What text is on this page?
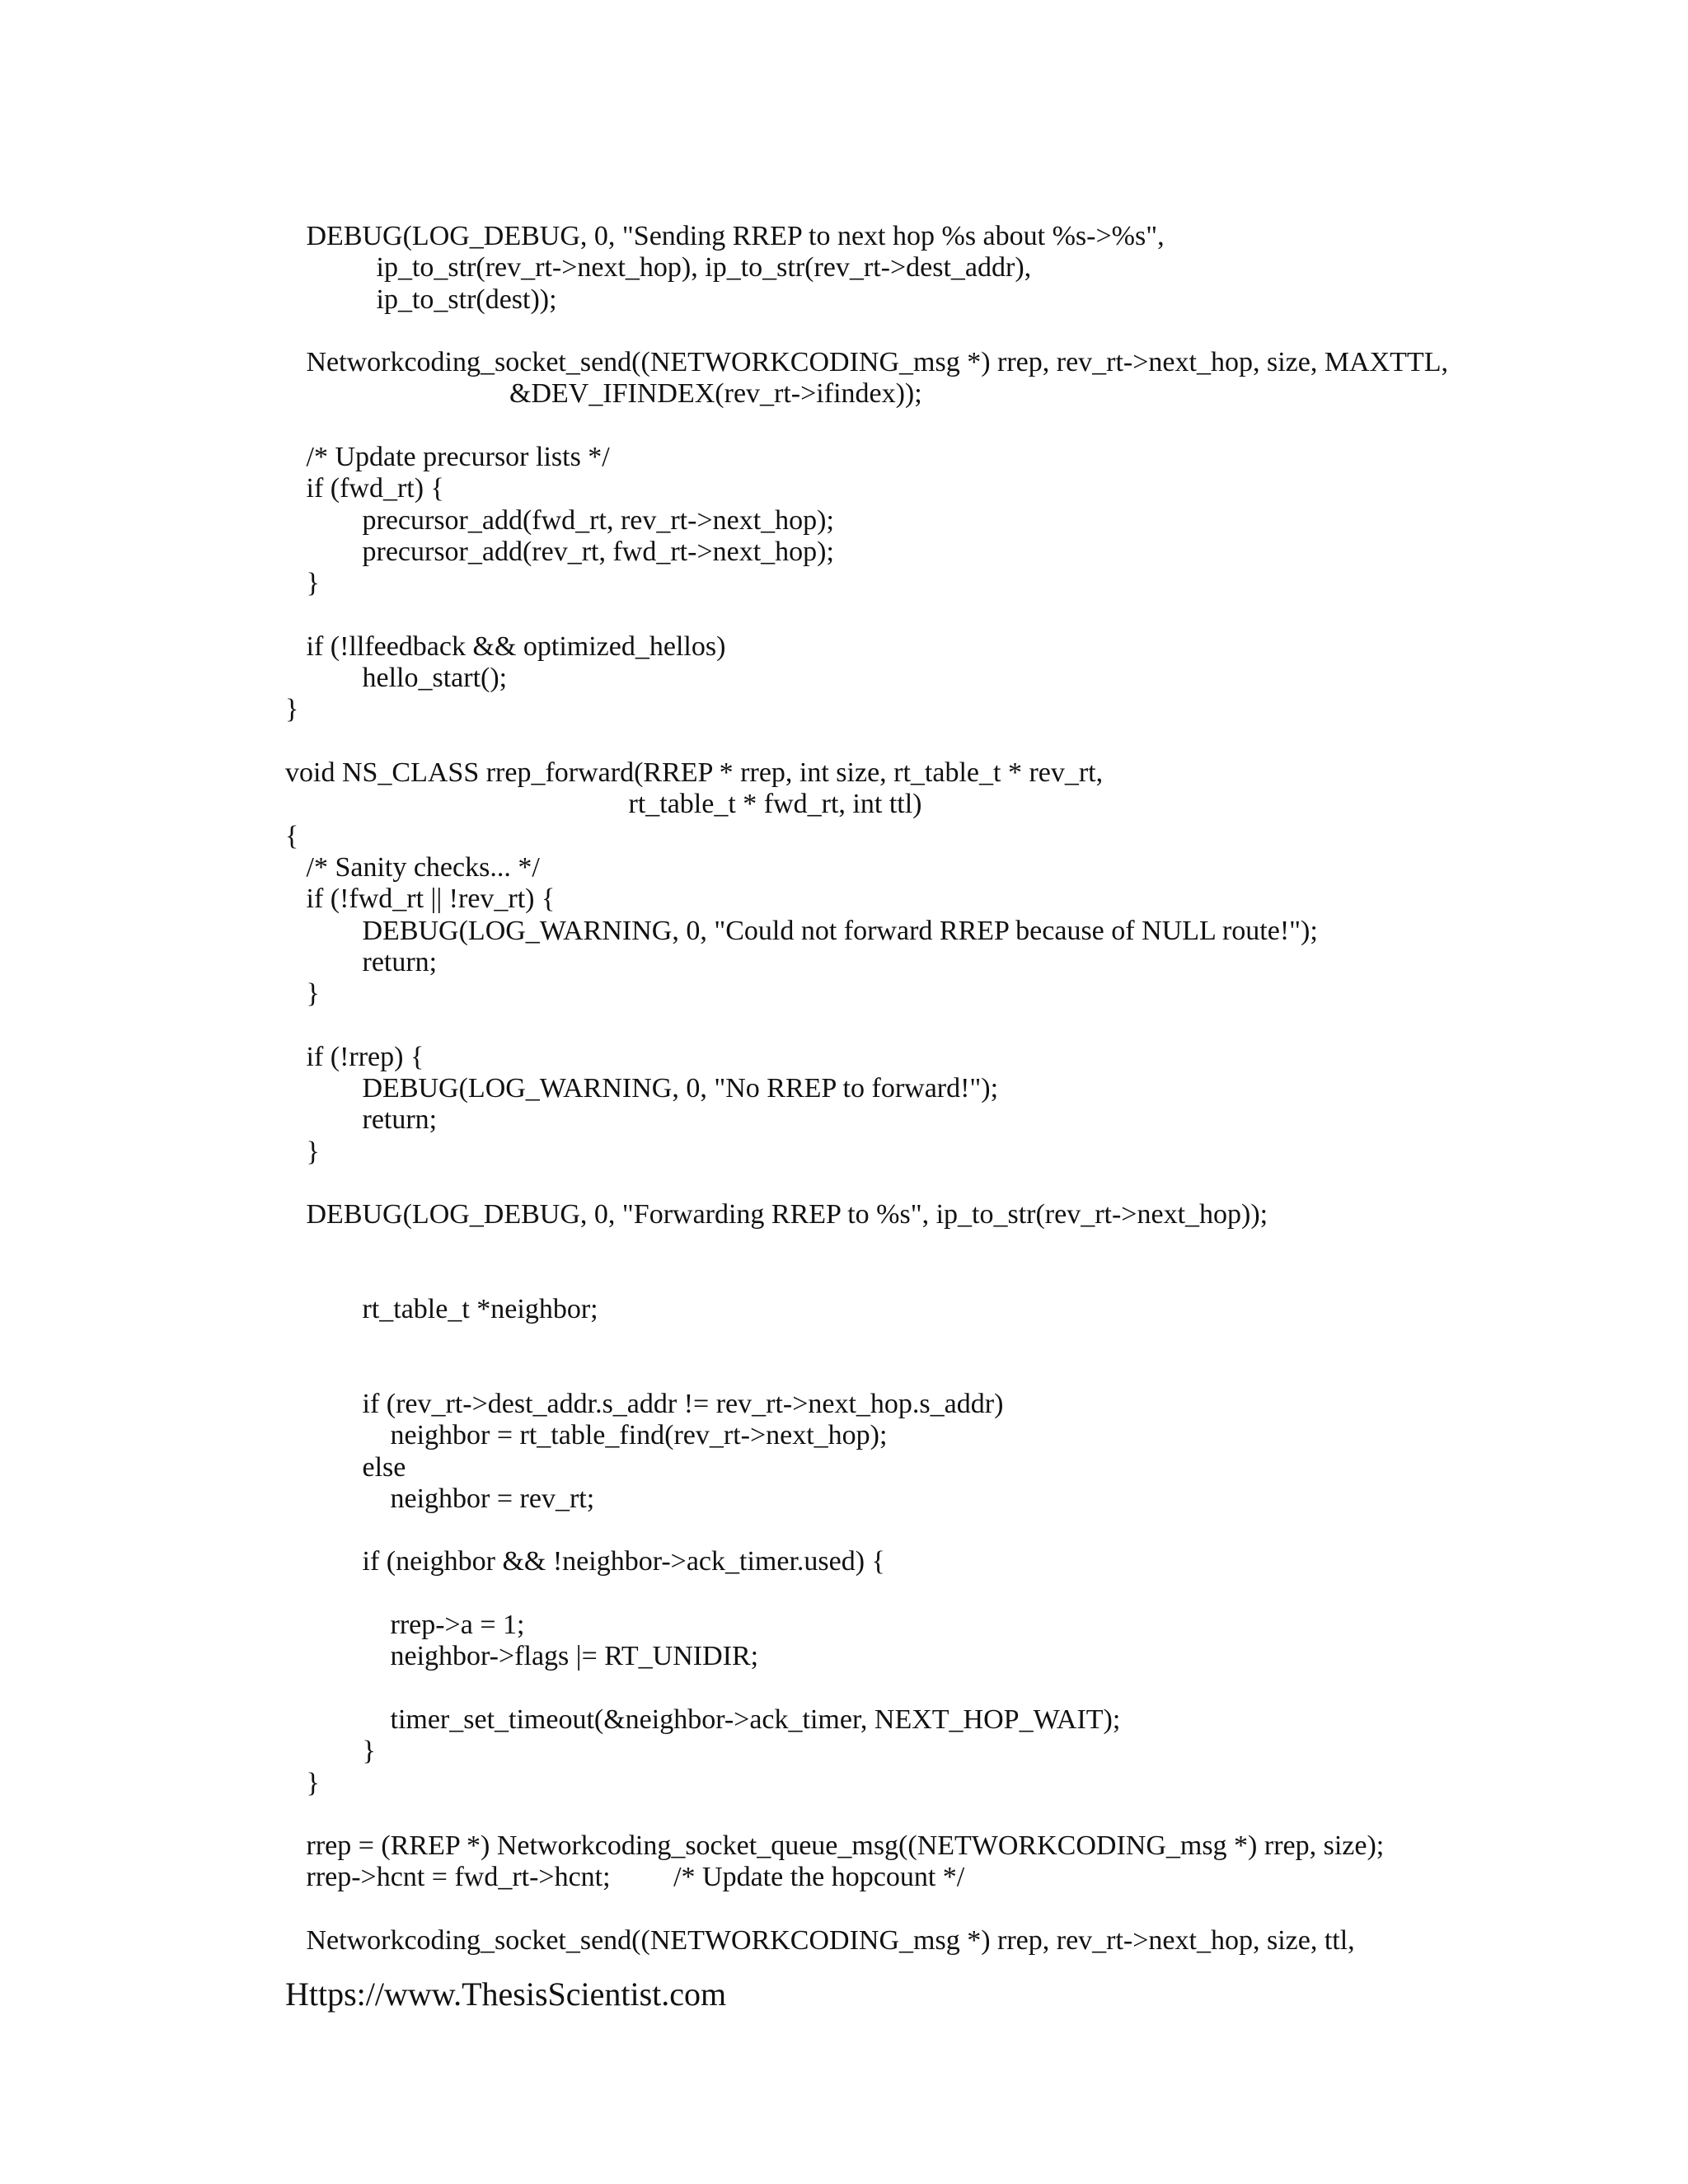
DEBUG(LOG_DEBUG, 0, "Sending RREP to next hop %s about %s->%s",
ip_to_str(rev_rt->next_hop), ip_to_str(rev_rt->dest_addr),
ip_to_str(dest));
Networkcoding_socket_send((NETWORKCODING_msg *) rrep, rev_rt->next_hop, size, MAXTTL,
&DEV_IFINDEX(rev_rt->ifindex));
/* Update precursor lists */
if (fwd_rt) {
precursor_add(fwd_rt, rev_rt->next_hop);
precursor_add(rev_rt, fwd_rt->next_hop);
}
if (!llfeedback && optimized_hellos)
hello_start();
}
void NS_CLASS rrep_forward(RREP * rrep, int size, rt_table_t * rev_rt,
rt_table_t * fwd_rt, int ttl)
{
/* Sanity checks... */
if (!fwd_rt || !rev_rt) {
DEBUG(LOG_WARNING, 0, "Could not forward RREP because of NULL route!");
return;
}
if (!rrep) {
DEBUG(LOG_WARNING, 0, "No RREP to forward!");
return;
}
DEBUG(LOG_DEBUG, 0, "Forwarding RREP to %s", ip_to_str(rev_rt->next_hop));
rt_table_t *neighbor;
if (rev_rt->dest_addr.s_addr != rev_rt->next_hop.s_addr)
neighbor = rt_table_find(rev_rt->next_hop);
else
neighbor = rev_rt;
if (neighbor && !neighbor->ack_timer.used) {
rrep->a = 1;
neighbor->flags |= RT_UNIDIR;
timer_set_timeout(&neighbor->ack_timer, NEXT_HOP_WAIT);
}
}
rrep = (RREP *) Networkcoding_socket_queue_msg((NETWORKCODING_msg *) rrep, size);
rrep->hcnt = fwd_rt->hcnt;         /* Update the hopcount */
Networkcoding_socket_send((NETWORKCODING_msg *) rrep, rev_rt->next_hop, size, ttl,
Https://www.ThesisScientist.com
